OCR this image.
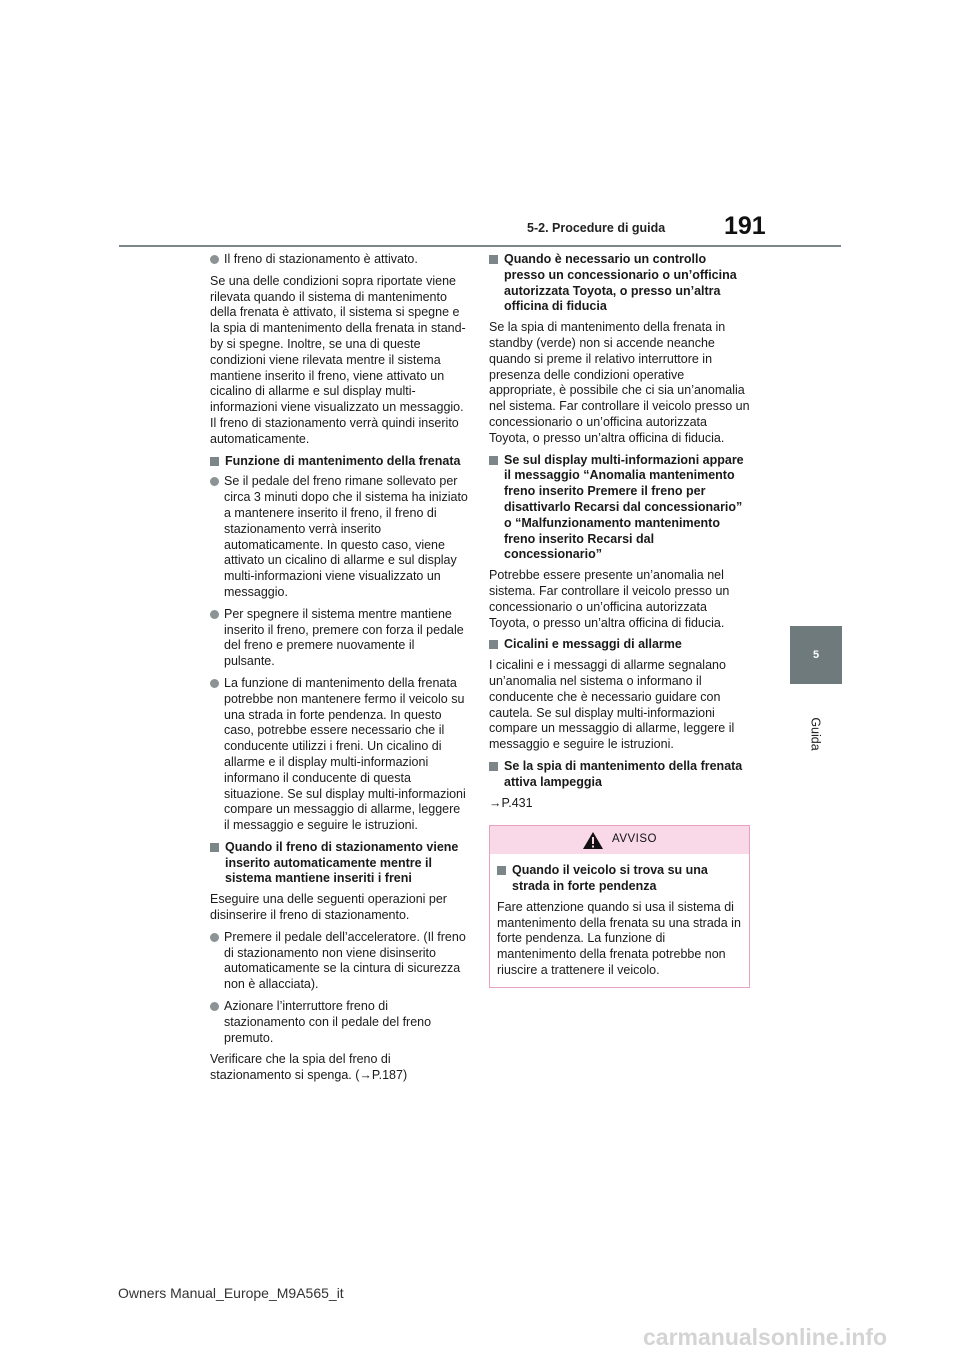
5-2. Procedure di guida 191
5
Guida
Il freno di stazionamento è attivato.

Se una delle condizioni sopra riportate viene rilevata quando il sistema di mantenimento della frenata è attivato, il sistema si spegne e la spia di mantenimento della frenata in stand-by si spegne. Inoltre, se una di queste condizioni viene rilevata mentre il sistema mantiene inserito il freno, viene attivato un cicalino di allarme e sul display multi-informazioni viene visualizzato un messaggio. Il freno di stazionamento verrà quindi inserito automaticamente.

Funzione di mantenimento della frenata
Se il pedale del freno rimane sollevato per circa 3 minuti dopo che il sistema ha iniziato a mantenere inserito il freno, il freno di stazionamento verrà inserito automaticamente. In questo caso, viene attivato un cicalino di allarme e sul display multi-informazioni viene visualizzato un messaggio.
Per spegnere il sistema mentre mantiene inserito il freno, premere con forza il pedale del freno e premere nuovamente il pulsante.
La funzione di mantenimento della frenata potrebbe non mantenere fermo il veicolo su una strada in forte pendenza. In questo caso, potrebbe essere necessario che il conducente utilizzi i freni. Un cicalino di allarme e il display multi-informazioni informano il conducente di questa situazione. Se sul display multi-informazioni compare un messaggio di allarme, leggere il messaggio e seguire le istruzioni.
Quando il freno di stazionamento viene inserito automaticamente mentre il sistema mantiene inseriti i freni

Eseguire una delle seguenti operazioni per disinserire il freno di stazionamento.

Premere il pedale dell’acceleratore. (Il freno di stazionamento non viene disinserito automaticamente se la cintura di sicurezza non è allacciata).
Azionare l’interruttore freno di stazionamento con il pedale del freno premuto.

Verificare che la spia del freno di stazionamento si spenga. (→P.187)

Quando è necessario un controllo presso un concessionario o un’officina autorizzata Toyota, o presso un’altra officina di fiducia

Se la spia di mantenimento della frenata in standby (verde) non si accende neanche quando si preme il relativo interruttore in presenza delle condizioni operative appropriate, è possibile che ci sia un’anomalia nel sistema. Far controllare il veicolo presso un concessionario o un’officina autorizzata Toyota, o presso un’altra officina di fiducia.

Se sul display multi-informazioni appare il messaggio “Anomalia mantenimento freno inserito Premere il freno per disattivarlo Recarsi dal concessionario” o “Malfunzionamento mantenimento freno inserito Recarsi dal concessionario”

Potrebbe essere presente un’anomalia nel sistema. Far controllare il veicolo presso un concessionario o un’officina autorizzata Toyota, o presso un’altra officina di fiducia.

Cicalini e messaggi di allarme

I cicalini e i messaggi di allarme segnalano un’anomalia nel sistema o informano il conducente che è necessario guidare con cautela. Se sul display multi-informazioni compare un messaggio di allarme, leggere il messaggio e seguire le istruzioni.

Se la spia di mantenimento della frenata attiva lampeggia

→P.431

AVVISO
Quando il veicolo si trova su una strada in forte pendenza

Fare attenzione quando si usa il sistema di mantenimento della frenata su una strada in forte pendenza. La funzione di mantenimento della frenata potrebbe non riuscire a trattenere il veicolo.

Owners Manual_Europe_M9A565_it
carmanualsonline.info
